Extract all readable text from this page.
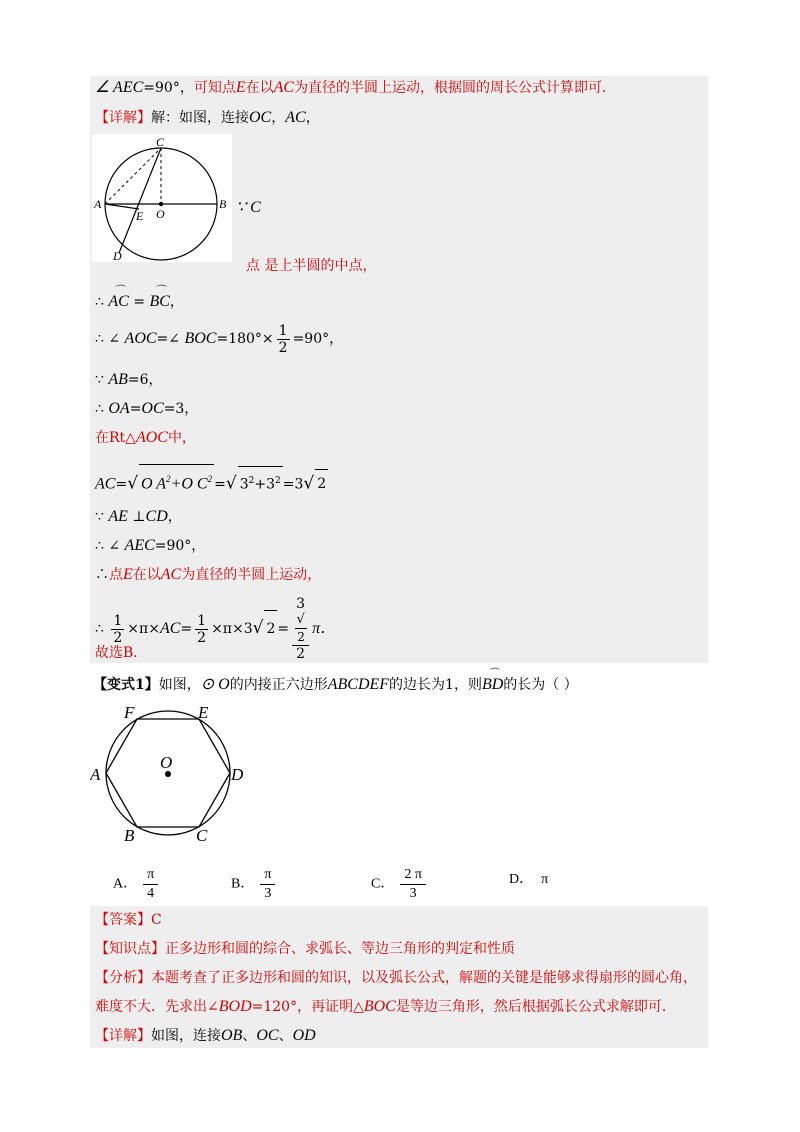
∠ AEC=90°，可知点E在以AC为直径的半圆上运动，根据圆的周长公式计算即可．
【详解】解：如图，连接OC，AC，
C
A	B
O
E
D
∵ C
点 是上半圆的中点，
∴ ⌒ AC = ⌒ BC，
∴ ∠ AOC=∠ $BOC=180^\circ\times \frac{1}{2} =90^\circ$，
∵ AB=6，
∴ OA=OC=3，
在Rt△AOC中，
AC=√ O $A^2+O$ $C^2$ =√ $3^2+3^2 =3√$ 2
∵ AE ⊥CD，
∴ ∠ AEC=90°，
∴点E在以AC为直径的半圆上运动，
∴ $\frac{1}{2} \times\pi\times AC= \frac{1}{2} \times\pi\times 3√$ 2 = 3
√
2
2 π．
故选B．
【变式1】如图，⊙ O的内接正六边形ABCDEF的边长为1，则⌒ BD的长为（ ）
F	E
A	D
O
B	C
A． $\frac{\pi}{4}$	B． $\frac{\pi}{3}$	C． $\frac{2 \pi}{3}$	D． π
【答案】C
【知识点】正多边形和圆的综合、求弧长、等边三角形的判定和性质
【分析】本题考查了正多边形和圆的知识，以及弧长公式，解题的关键是能够求得扇形的圆心角，
难度不大．先求出∠BOD=120°，再证明△BOC是等边三角形，然后根据弧长公式求解即可．
【详解】如图，连接OB、OC、OD
